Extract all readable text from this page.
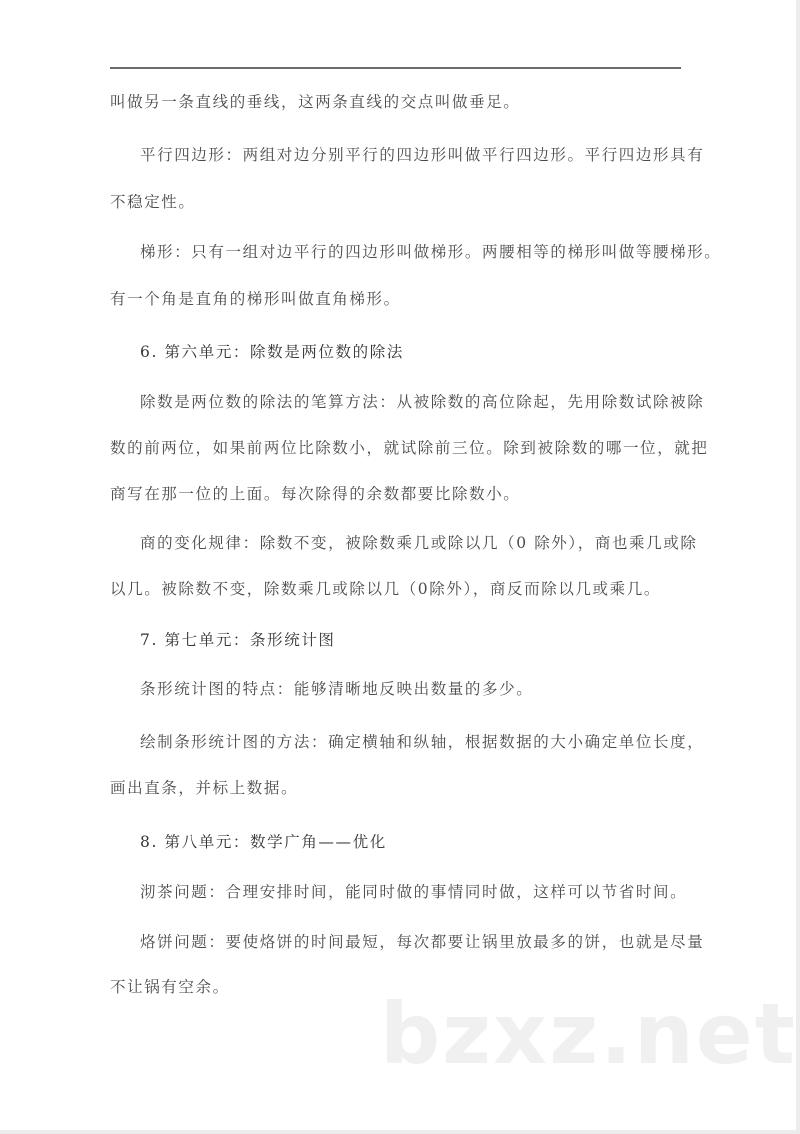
叫做另一条直线的垂线，这两条直线的交点叫做垂足。
平行四边形：两组对边分别平行的四边形叫做平行四边形。平行四边形具有
不稳定性。
梯形：只有一组对边平行的四边形叫做梯形。两腰相等的梯形叫做等腰梯形。
有一个角是直角的梯形叫做直角梯形。
6. 第六单元：除数是两位数的除法
除数是两位数的除法的笔算方法：从被除数的高位除起，先用除数试除被除
数的前两位，如果前两位比除数小，就试除前三位。除到被除数的哪一位，就把
商写在那一位的上面。每次除得的余数都要比除数小。
商的变化规律：除数不变，被除数乘几或除以几（0 除外），商也乘几或除
以几。被除数不变，除数乘几或除以几（0除外），商反而除以几或乘几。
7. 第七单元：条形统计图
条形统计图的特点：能够清晰地反映出数量的多少。
绘制条形统计图的方法：确定横轴和纵轴，根据数据的大小确定单位长度，
画出直条，并标上数据。
8. 第八单元：数学广角——优化
沏茶问题：合理安排时间，能同时做的事情同时做，这样可以节省时间。
烙饼问题：要使烙饼的时间最短，每次都要让锅里放最多的饼，也就是尽量
不让锅有空余。 bzxz.net
